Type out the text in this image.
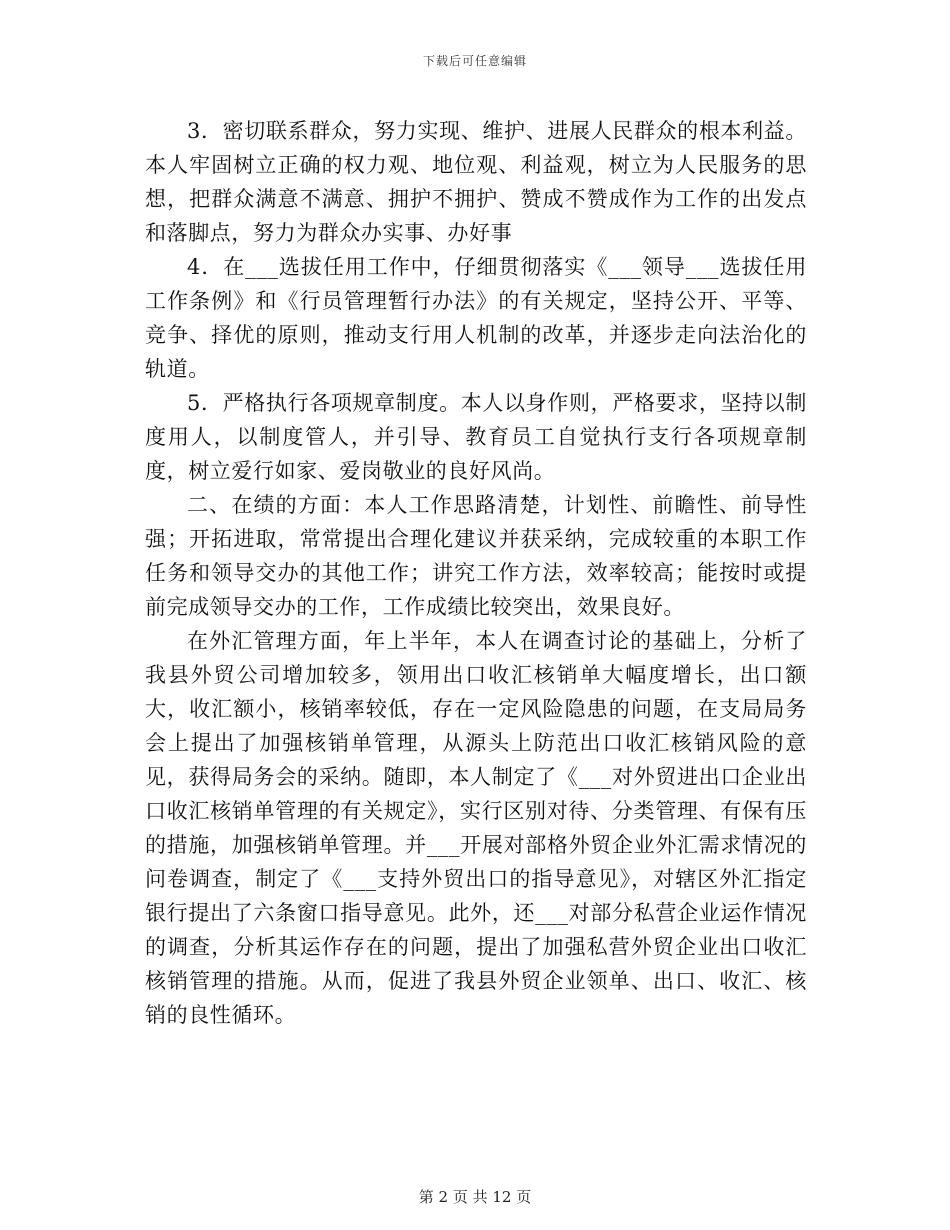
下载后可任意编辑

3．密切联系群众，努力实现、维护、进展人民群众的根本利益。本人牢固树立正确的权力观、地位观、利益观，树立为人民服务的思想，把群众满意不满意、拥护不拥护、赞成不赞成作为工作的出发点和落脚点，努力为群众办实事、办好事

4．在___选拔任用工作中，仔细贯彻落实《___领导___选拔任用工作条例》和《行员管理暂行办法》的有关规定，坚持公开、平等、竞争、择优的原则，推动支行用人机制的改革，并逐步走向法治化的轨道。

5．严格执行各项规章制度。本人以身作则，严格要求，坚持以制度用人，以制度管人，并引导、教育员工自觉执行支行各项规章制度，树立爱行如家、爱岗敬业的良好风尚。

二、在绩的方面：本人工作思路清楚，计划性、前瞻性、前导性强；开拓进取，常常提出合理化建议并获采纳，完成较重的本职工作任务和领导交办的其他工作；讲究工作方法，效率较高；能按时或提前完成领导交办的工作，工作成绩比较突出，效果良好。

在外汇管理方面，年上半年，本人在调查讨论的基础上，分析了我县外贸公司增加较多，领用出口收汇核销单大幅度增长，出口额大，收汇额小，核销率较低，存在一定风险隐患的问题，在支局局务会上提出了加强核销单管理，从源头上防范出口收汇核销风险的意见，获得局务会的采纳。随即，本人制定了《___对外贸进出口企业出口收汇核销单管理的有关规定》，实行区别对待、分类管理、有保有压的措施，加强核销单管理。并___开展对部格外贸企业外汇需求情况的问卷调查，制定了《___支持外贸出口的指导意见》，对辖区外汇指定银行提出了六条窗口指导意见。此外，还___对部分私营企业运作情况的调查，分析其运作存在的问题，提出了加强私营外贸企业出口收汇核销管理的措施。从而，促进了我县外贸企业领单、出口、收汇、核销的良性循环。

第 2 页 共 12 页
